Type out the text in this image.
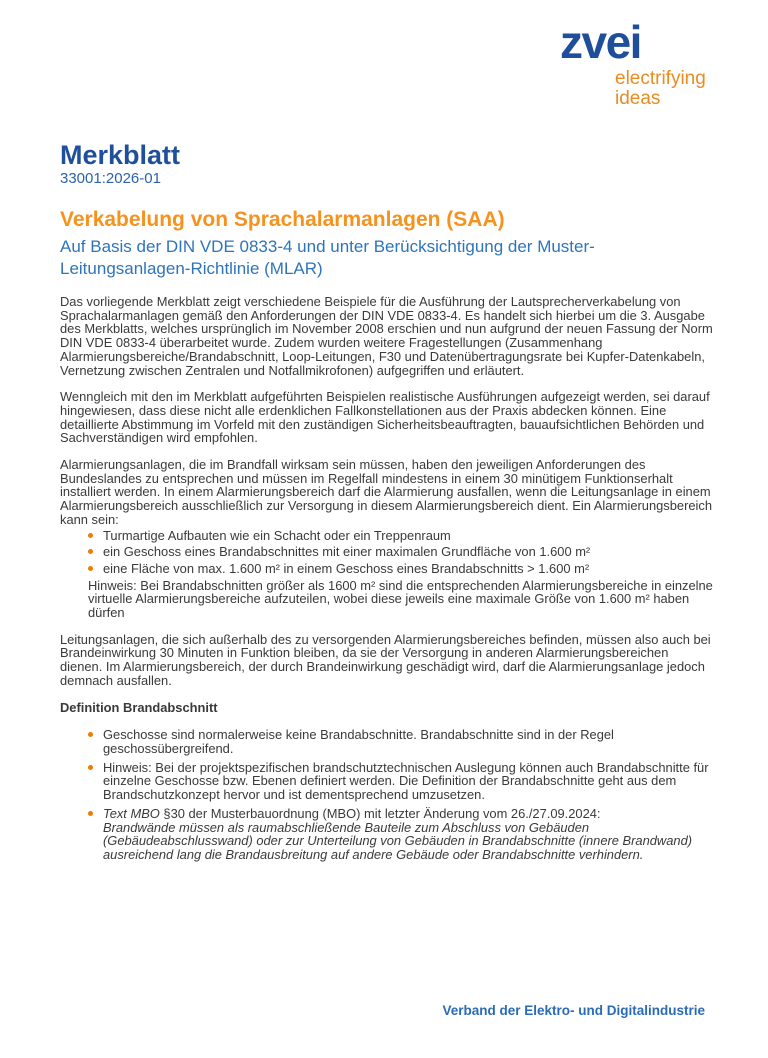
zvei
electrifying
ideas
Merkblatt
33001:2026-01
Verkabelung von Sprachalarmanlagen (SAA)
Auf Basis der DIN VDE 0833-4 und unter Berücksichtigung der Muster-Leitungsanlagen-Richtlinie (MLAR)

Das vorliegende Merkblatt zeigt verschiedene Beispiele für die Ausführung der Lautsprecherverkabelung von Sprachalarmanlagen gemäß den Anforderungen der DIN VDE 0833-4. Es handelt sich hierbei um die 3. Ausgabe des Merkblatts, welches ursprünglich im November 2008 erschien und nun aufgrund der neuen Fassung der Norm DIN VDE 0833-4 überarbeitet wurde. Zudem wurden weitere Fragestellungen (Zusammenhang Alarmierungsbereiche/Brandabschnitt, Loop-Leitungen, F30 und Datenübertragungsrate bei Kupfer-Datenkabeln, Vernetzung zwischen Zentralen und Notfallmikrofonen) aufgegriffen und erläutert.

Wenngleich mit den im Merkblatt aufgeführten Beispielen realistische Ausführungen aufgezeigt werden, sei darauf hingewiesen, dass diese nicht alle erdenklichen Fallkonstellationen aus der Praxis abdecken können. Eine detaillierte Abstimmung im Vorfeld mit den zuständigen Sicherheitsbeauftragten, bauaufsichtlichen Behörden und Sachverständigen wird empfohlen.

Alarmierungsanlagen, die im Brandfall wirksam sein müssen, haben den jeweiligen Anforderungen des Bundeslandes zu entsprechen und müssen im Regelfall mindestens in einem 30 minütigem Funktionserhalt installiert werden. In einem Alarmierungsbereich darf die Alarmierung ausfallen, wenn die Leitungsanlage in einem Alarmierungsbereich ausschließlich zur Versorgung in diesem Alarmierungsbereich dient. Ein Alarmierungsbereich kann sein:

Turmartige Aufbauten wie ein Schacht oder ein Treppenraum
ein Geschoss eines Brandabschnittes mit einer maximalen Grundfläche von 1.600 m²
eine Fläche von max. 1.600 m² in einem Geschoss eines Brandabschnitts > 1.600 m²
Hinweis: Bei Brandabschnitten größer als 1600 m² sind die entsprechenden Alarmierungsbereiche in einzelne virtuelle Alarmierungsbereiche aufzuteilen, wobei diese jeweils eine maximale Größe von 1.600 m² haben dürfen

Leitungsanlagen, die sich außerhalb des zu versorgenden Alarmierungsbereiches befinden, müssen also auch bei Brandeinwirkung 30 Minuten in Funktion bleiben, da sie der Versorgung in anderen Alarmierungsbereichen dienen. Im Alarmierungsbereich, der durch Brandeinwirkung geschädigt wird, darf die Alarmierungsanlage jedoch demnach ausfallen.

Definition Brandabschnitt
Geschosse sind normalerweise keine Brandabschnitte. Brandabschnitte sind in der Regel geschossübergreifend.
Hinweis: Bei der projektspezifischen brandschutztechnischen Auslegung können auch Brandabschnitte für einzelne Geschosse bzw. Ebenen definiert werden. Die Definition der Brandabschnitte geht aus dem Brandschutzkonzept hervor und ist dementsprechend umzusetzen.
Text MBO §30 der Musterbauordnung (MBO) mit letzter Änderung vom 26./27.09.2024:
Brandwände müssen als raumabschließende Bauteile zum Abschluss von Gebäuden (Gebäudeabschlusswand) oder zur Unterteilung von Gebäuden in Brandabschnitte (innere Brandwand) ausreichend lang die Brandausbreitung auf andere Gebäude oder Brandabschnitte verhindern.
Verband der Elektro- und Digitalindustrie
